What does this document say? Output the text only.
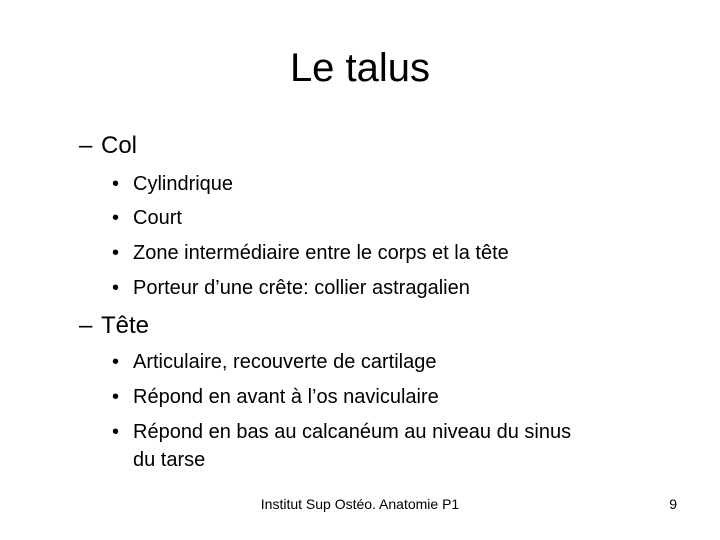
Le talus
– Col
• Cylindrique
• Court
• Zone intermédiaire entre le corps et la tête
• Porteur d’une crête: collier astragalien
– Tête
• Articulaire, recouverte de cartilage
• Répond en avant à l’os naviculaire
• Répond en bas au calcanéum au niveau du sinus
du tarse
Institut Sup Ostéo. Anatomie P1	9
